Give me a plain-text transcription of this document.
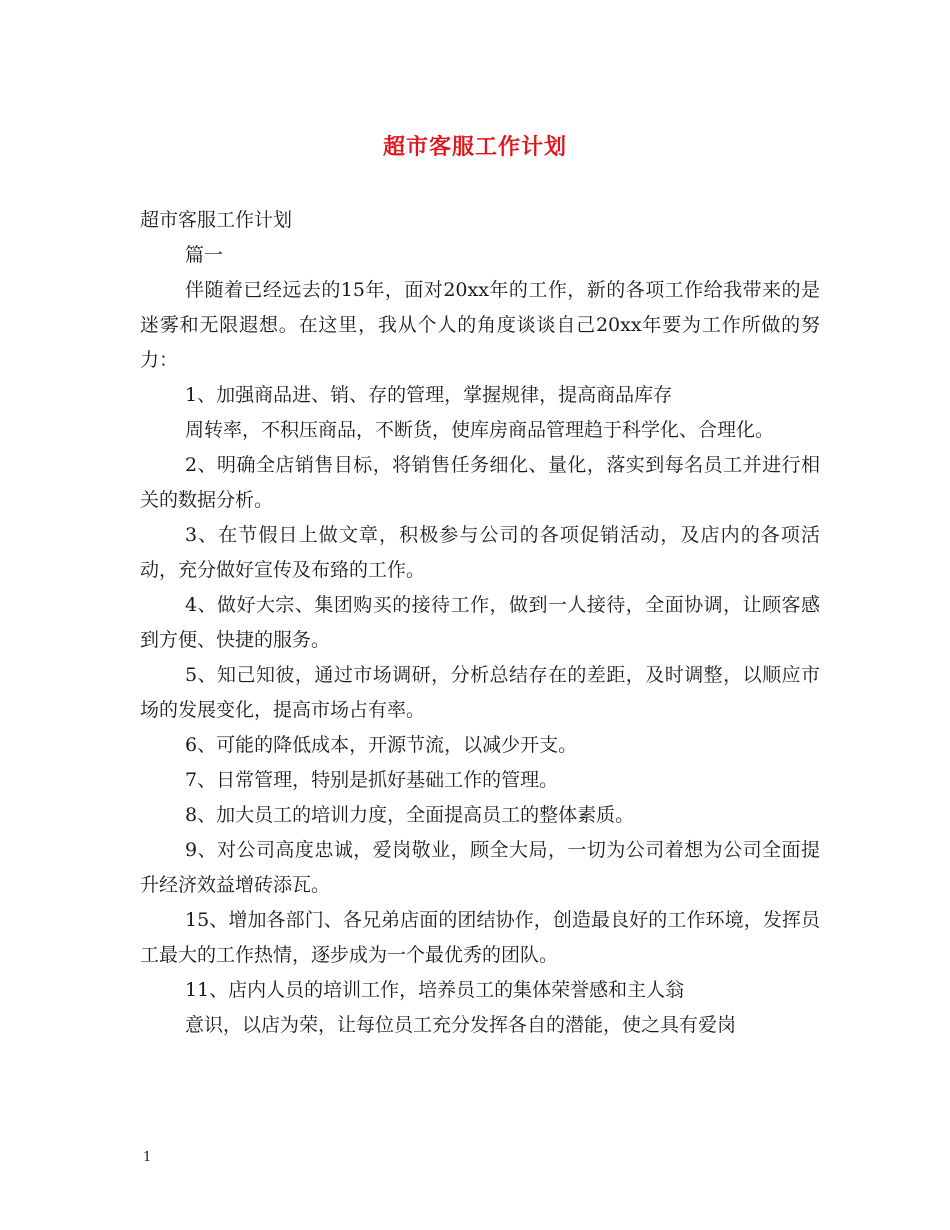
超市客服工作计划

超市客服工作计划

篇一

伴随着已经远去的15年，面对20xx年的工作，新的各项工作给我带来的是迷雾和无限遐想。在这里，我从个人的角度谈谈自己20xx年要为工作所做的努力：

1、加强商品进、销、存的管理，掌握规律，提高商品库存

周转率，不积压商品，不断货，使库房商品管理趋于科学化、合理化。

2、明确全店销售目标，将销售任务细化、量化，落实到每名员工并进行相关的数据分析。

3、在节假日上做文章，积极参与公司的各项促销活动，及店内的各项活动，充分做好宣传及布臵的工作。

4、做好大宗、集团购买的接待工作，做到一人接待，全面协调，让顾客感到方便、快捷的服务。

5、知己知彼，通过市场调研，分析总结存在的差距，及时调整，以顺应市场的发展变化，提高市场占有率。

6、可能的降低成本，开源节流，以减少开支。

7、日常管理，特别是抓好基础工作的管理。

8、加大员工的培训力度，全面提高员工的整体素质。

9、对公司高度忠诚，爱岗敬业，顾全大局，一切为公司着想为公司全面提升经济效益增砖添瓦。

15、增加各部门、各兄弟店面的团结协作，创造最良好的工作环境，发挥员工最大的工作热情，逐步成为一个最优秀的团队。

11、店内人员的培训工作，培养员工的集体荣誉感和主人翁

意识，以店为荣，让每位员工充分发挥各自的潜能，使之具有爱岗

1
